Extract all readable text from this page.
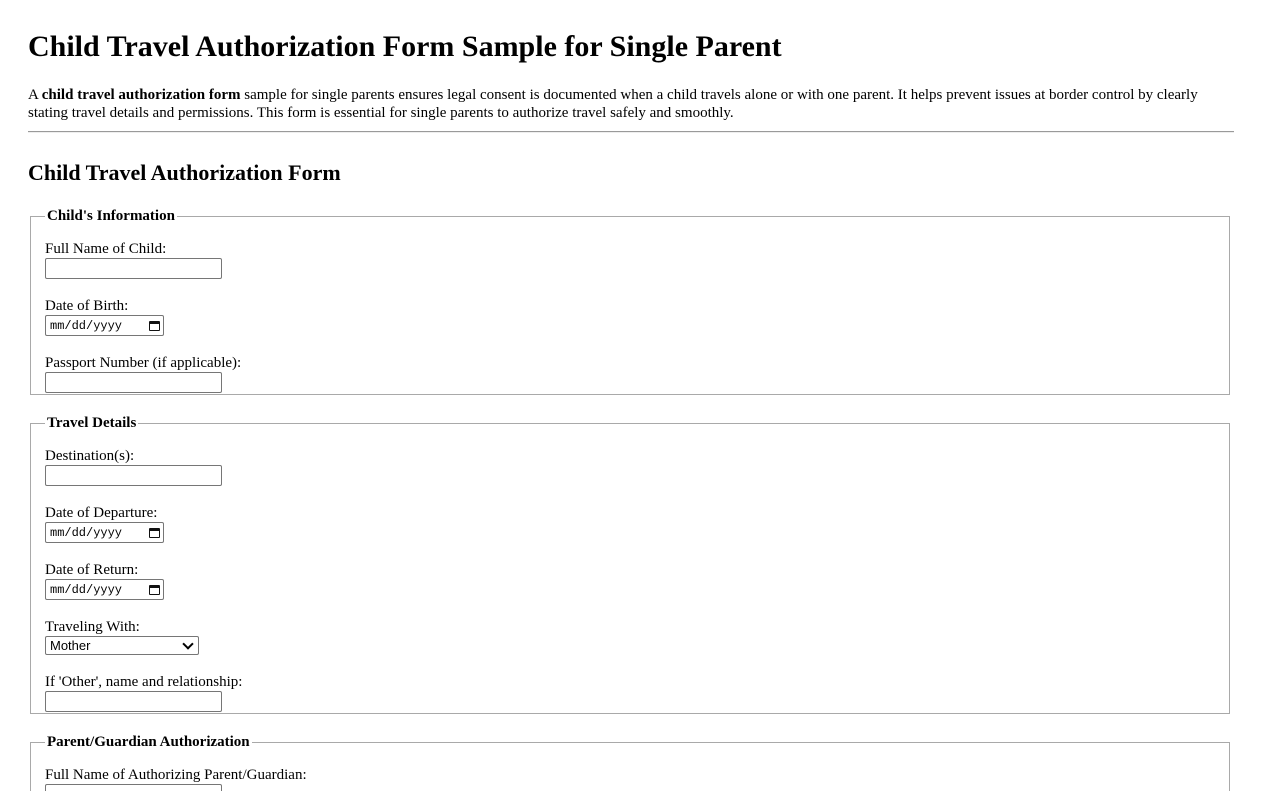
Child Travel Authorization Form Sample for Single Parent

A child travel authorization form sample for single parents ensures legal consent is documented when a child travels alone or with one parent. It helps prevent issues at border control by clearly stating travel details and permissions. This form is essential for single parents to authorize travel safely and smoothly.

Child Travel Authorization Form
Child's Information
Full Name of Child:
Date of Birth:
mm/dd/yyyy
Passport Number (if applicable):
Travel Details
Destination(s):
Date of Departure:
mm/dd/yyyy
Date of Return:
mm/dd/yyyy
Traveling With:
Mother
If 'Other', name and relationship:
Parent/Guardian Authorization
Full Name of Authorizing Parent/Guardian:
